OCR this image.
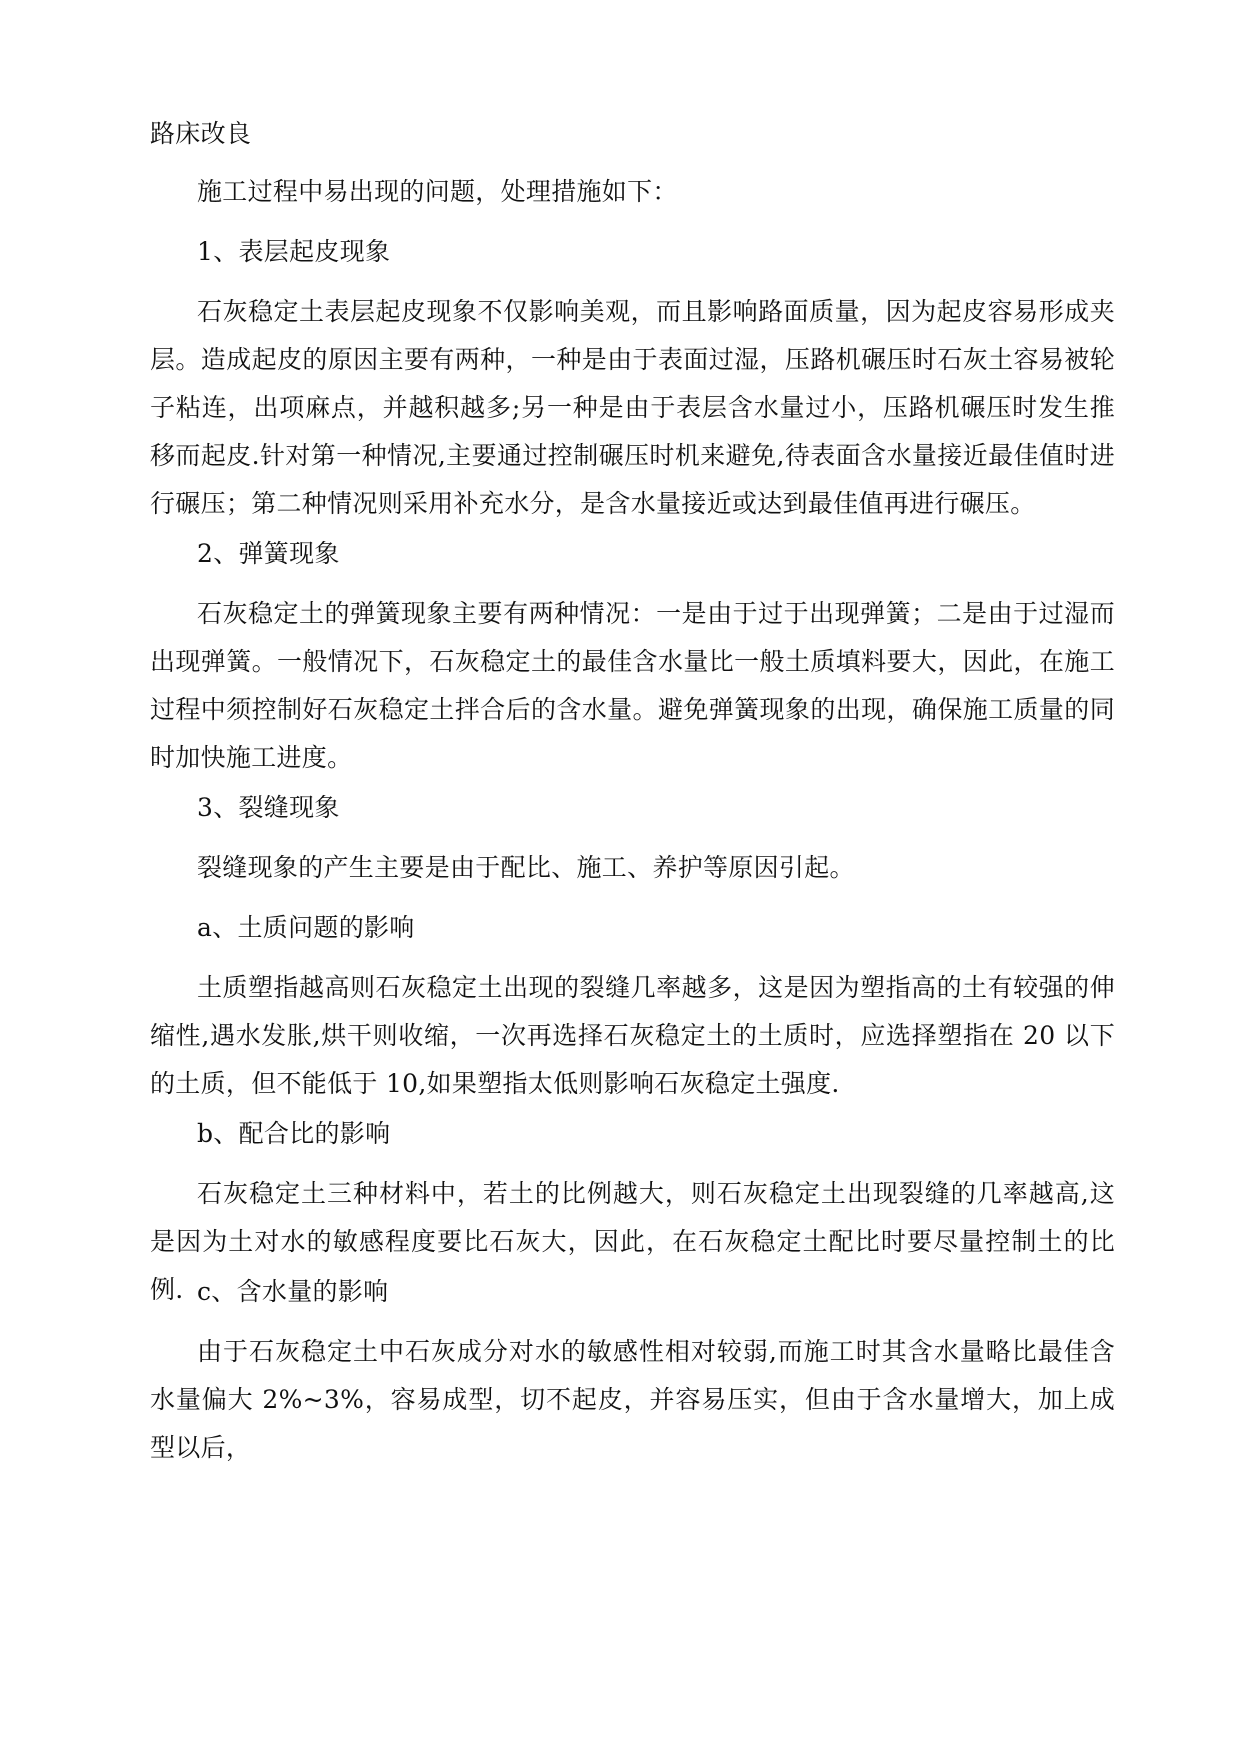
路床改良

施工过程中易出现的问题，处理措施如下：

1、表层起皮现象

石灰稳定土表层起皮现象不仅影响美观，而且影响路面质量，因为起皮容易形成夹层。造成起皮的原因主要有两种，一种是由于表面过湿，压路机碾压时石灰土容易被轮子粘连，出项麻点，并越积越多;另一种是由于表层含水量过小，压路机碾压时发生推移而起皮.针对第一种情况,主要通过控制碾压时机来避免,待表面含水量接近最佳值时进行碾压；第二种情况则采用补充水分，是含水量接近或达到最佳值再进行碾压。

2、弹簧现象

石灰稳定土的弹簧现象主要有两种情况：一是由于过于出现弹簧；二是由于过湿而出现弹簧。一般情况下，石灰稳定土的最佳含水量比一般土质填料要大，因此，在施工过程中须控制好石灰稳定土拌合后的含水量。避免弹簧现象的出现，确保施工质量的同时加快施工进度。

3、裂缝现象

裂缝现象的产生主要是由于配比、施工、养护等原因引起。

a、土质问题的影响

土质塑指越高则石灰稳定土出现的裂缝几率越多，这是因为塑指高的土有较强的伸缩性,遇水发胀,烘干则收缩，一次再选择石灰稳定土的土质时，应选择塑指在 20 以下的土质，但不能低于 10,如果塑指太低则影响石灰稳定土强度.

b、配合比的影响

石灰稳定土三种材料中，若土的比例越大，则石灰稳定土出现裂缝的几率越高,这是因为土对水的敏感程度要比石灰大，因此，在石灰稳定土配比时要尽量控制土的比例. c、含水量的影响

由于石灰稳定土中石灰成分对水的敏感性相对较弱,而施工时其含水量略比最佳含水量偏大 2%~3%，容易成型，切不起皮，并容易压实，但由于含水量增大，加上成型以后，
